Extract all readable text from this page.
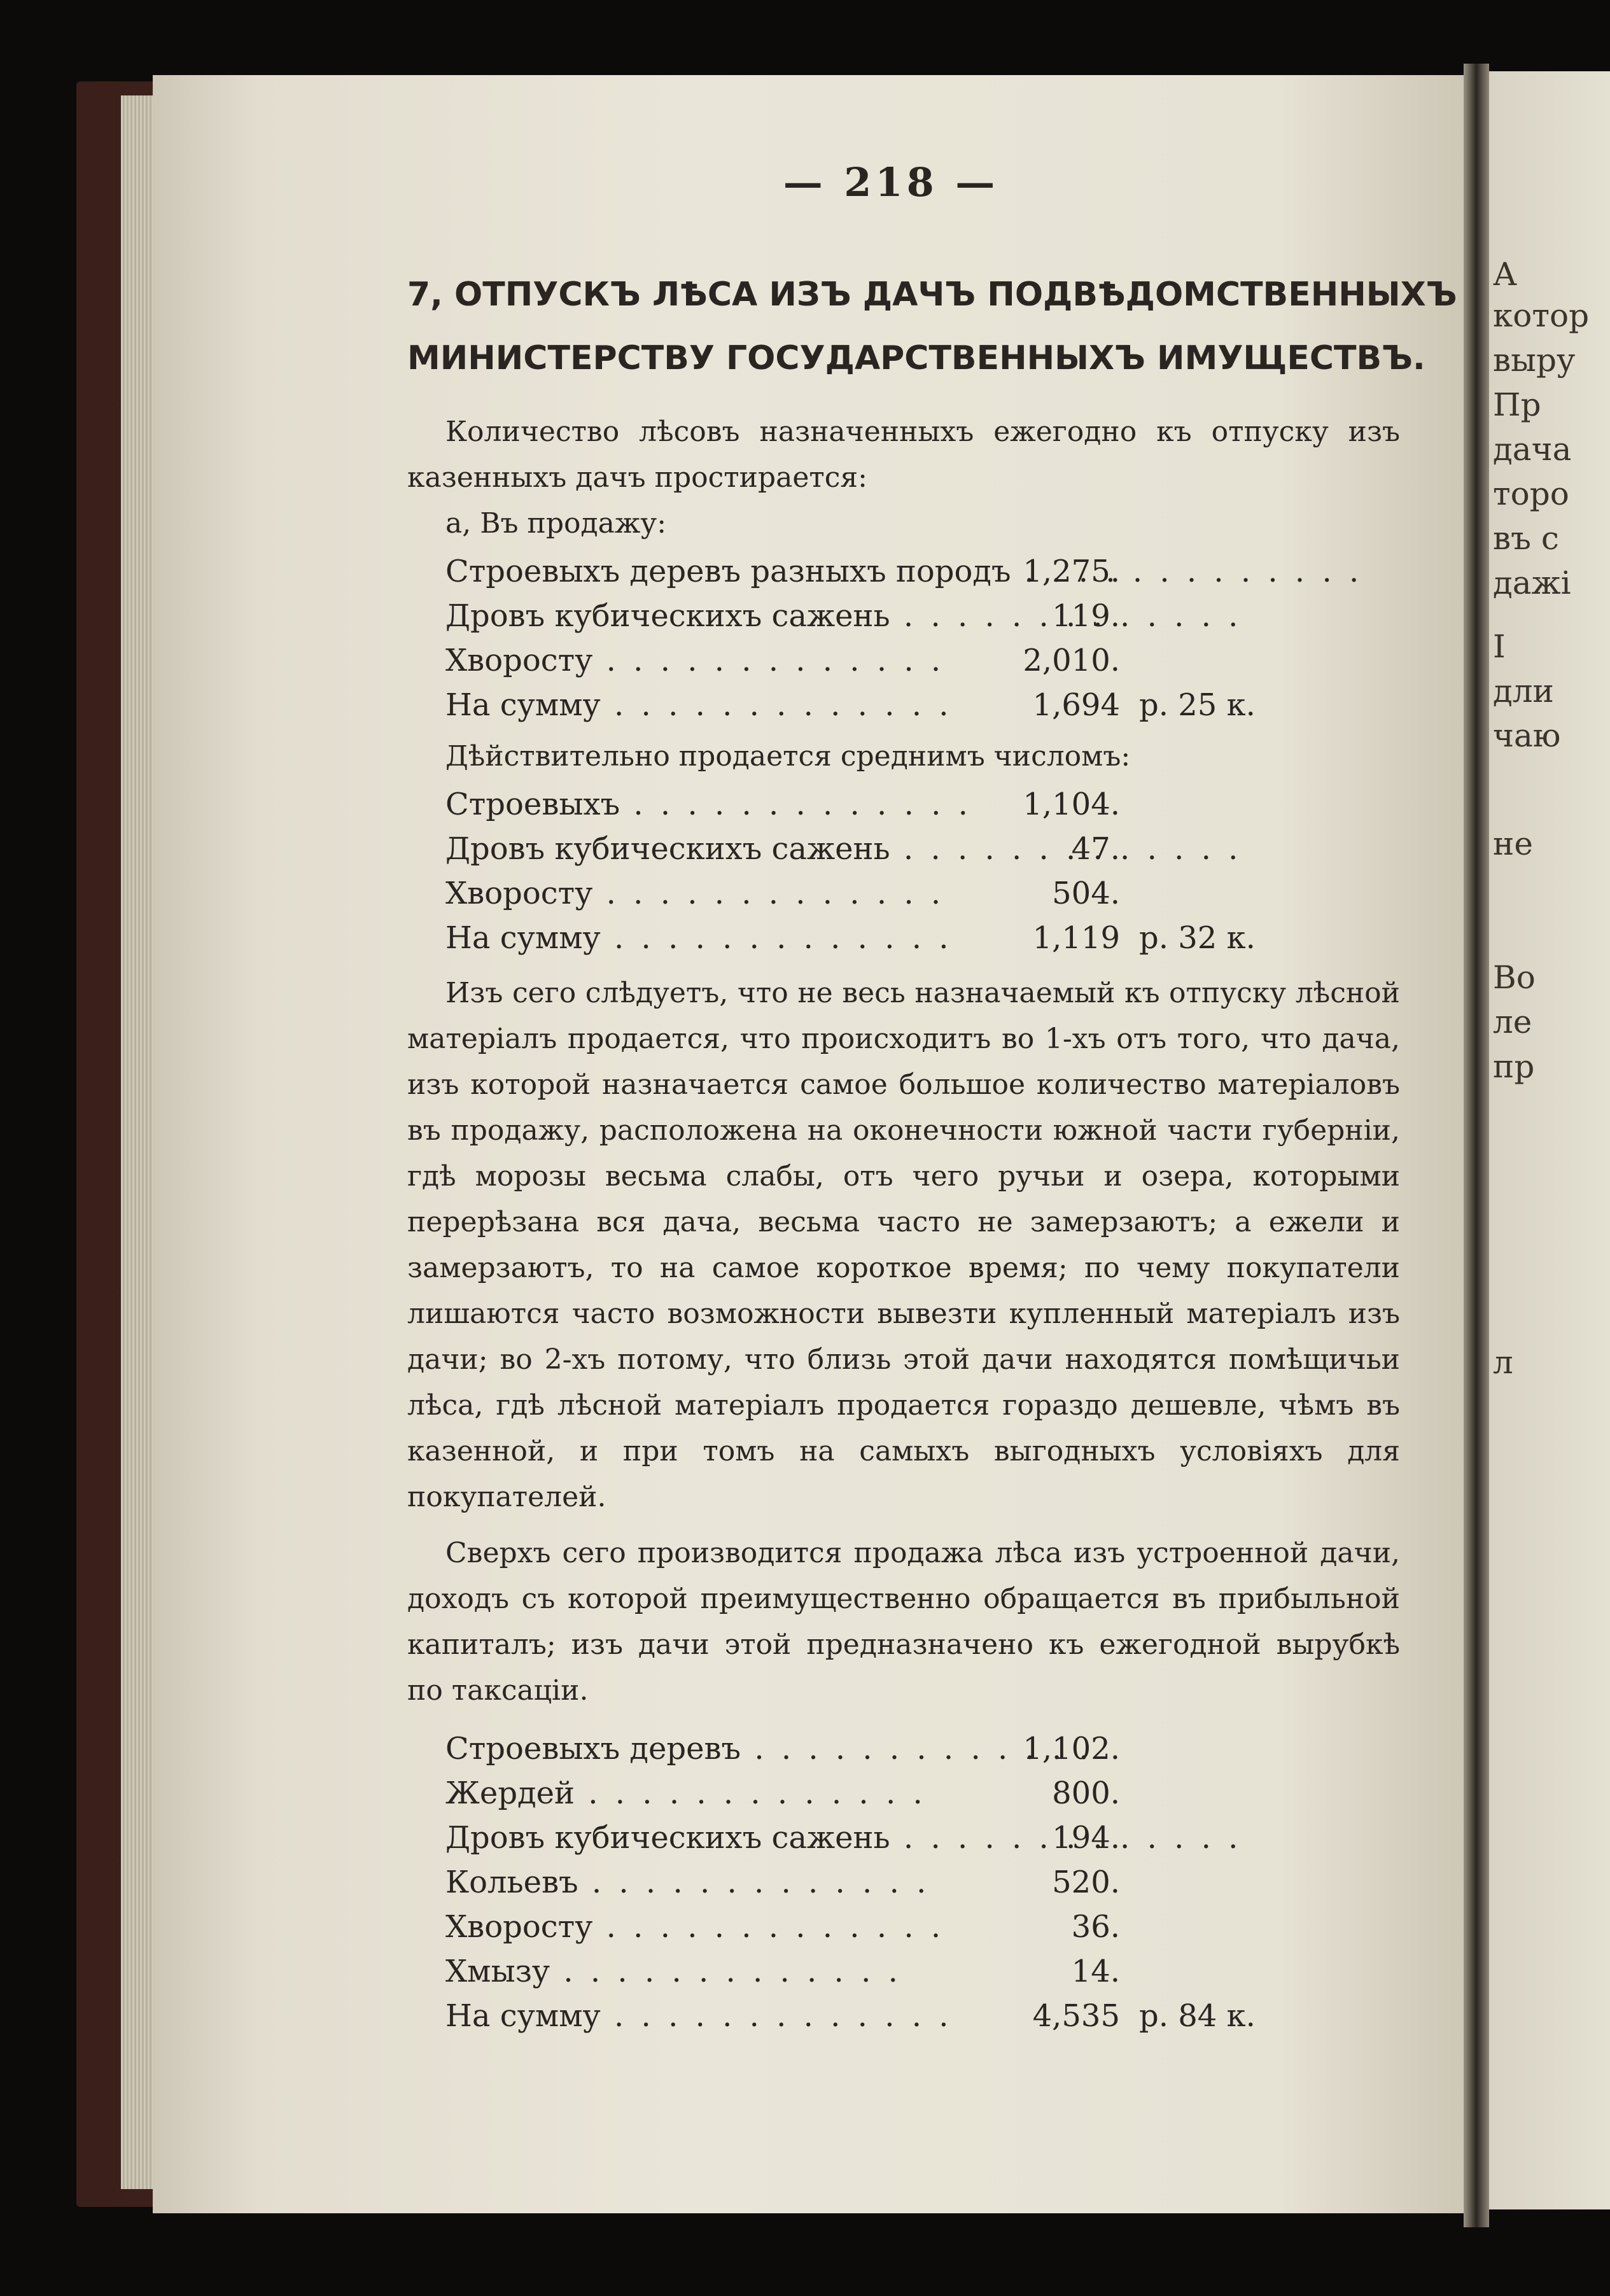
А
котор
выру
Пр
дача
торо
въ с
дажі
І
дли
чаю
не
Во
ле
пр
л
— 218 —
7, ОТПУСКЪ ЛѢСА ИЗЪ ДАЧЪ ПОДВѢДОМСТВЕННЫХЪ
МИНИСТЕРСТВУ ГОСУДАРСТВЕННЫХЪ ИМУЩЕСТВЪ.

Количество лѣсовъ назначенныхъ ежегодно къ отпуску изъ казенныхъ дачъ простирается:

а, Въ продажу:
Строевыхъ деревъ разныхъ породъ . . 1,275.
Дровъ кубическихъ сажень . .	119.
Хворосту . .	2,010.
На сумму . .	1,694 р. 25 к.
Дѣйствительно продается среднимъ числомъ:
Строевыхъ . .	1,104.
Дровъ кубическихъ сажень . .	47.
Хворосту . .	504.
На сумму . .	1,119 р. 32 к.

Изъ сего слѣдуетъ, что не весь назначаемый къ отпуску лѣсной матеріалъ продается, что происходитъ во 1-хъ отъ того, что дача, изъ которой назначается самое большое количество матеріаловъ въ продажу, расположена на оконечности южной части губерніи, гдѣ морозы весьма слабы, отъ чего ручьи и озера, которыми перерѣзана вся дача, весьма часто не замерзаютъ; а ежели и замерзаютъ, то на самое короткое время; по чему покупатели лишаются часто возможности вывезти купленный матеріалъ изъ дачи; во 2-хъ потому, что близь этой дачи находятся помѣщичьи лѣса, гдѣ лѣсной матеріалъ продается гораздо дешевле, чѣмъ въ казенной, и при томъ на самыхъ выгодныхъ условіяхъ для покупателей.

Сверхъ сего производится продажа лѣса изъ устроенной дачи, доходъ съ которой преимущественно обращается въ прибыльной капиталъ; изъ дачи этой предназначено къ ежегодной вырубкѣ по таксаціи.

Строевыхъ деревъ . .	1,102.
Жердей . .	800.
Дровъ кубическихъ сажень . .	194.
Кольевъ . .	520.
Хворосту . .	36.
Хмызу . .	14.
На сумму . .	4,535 р. 84 к.
